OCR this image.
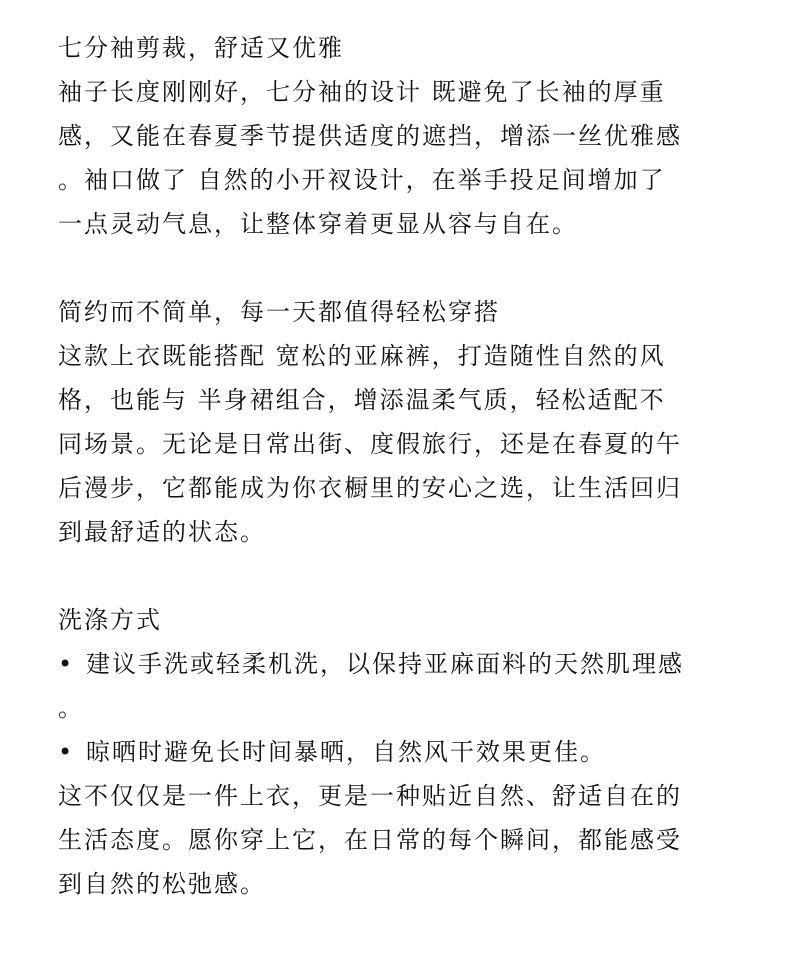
七分袖剪裁，舒适又优雅
袖子长度刚刚好，七分袖的设计 既避免了长袖的厚重
感，又能在春夏季节提供适度的遮挡，增添一丝优雅感
。袖口做了 自然的小开衩设计，在举手投足间增加了
一点灵动气息，让整体穿着更显从容与自在。
简约而不简单，每一天都值得轻松穿搭
这款上衣既能搭配 宽松的亚麻裤，打造随性自然的风
格，也能与 半身裙组合，增添温柔气质，轻松适配不
同场景。无论是日常出街、度假旅行，还是在春夏的午
后漫步，它都能成为你衣橱里的安心之选，让生活回归
到最舒适的状态。
洗涤方式
• 建议手洗或轻柔机洗，以保持亚麻面料的天然肌理感
。
• 晾晒时避免长时间暴晒，自然风干效果更佳。
这不仅仅是一件上衣，更是一种贴近自然、舒适自在的
生活态度。愿你穿上它，在日常的每个瞬间，都能感受
到自然的松弛感。
